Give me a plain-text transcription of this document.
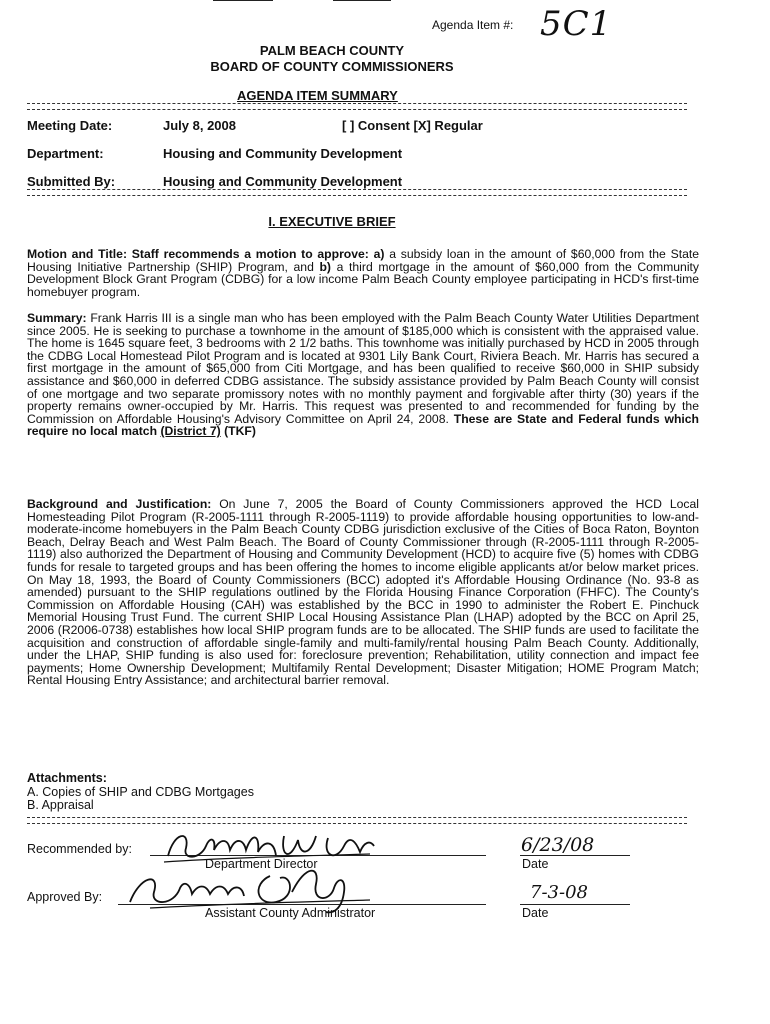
Agenda Item #: 5C1
PALM BEACH COUNTY
BOARD OF COUNTY COMMISSIONERS
AGENDA ITEM SUMMARY
Meeting Date:	July 8, 2008	[ ] Consent [X] Regular
Department:	Housing and Community Development
Submitted By:	Housing and Community Development
I. EXECUTIVE BRIEF
Motion and Title: Staff recommends a motion to approve: a) a subsidy loan in the amount of $60,000 from the State Housing Initiative Partnership (SHIP) Program, and b) a third mortgage in the amount of $60,000 from the Community Development Block Grant Program (CDBG) for a low income Palm Beach County employee participating in HCD's first-time homebuyer program.
Summary: Frank Harris III is a single man who has been employed with the Palm Beach County Water Utilities Department since 2005. He is seeking to purchase a townhome in the amount of $185,000 which is consistent with the appraised value. The home is 1645 square feet, 3 bedrooms with 2 1/2 baths. This townhome was initially purchased by HCD in 2005 through the CDBG Local Homestead Pilot Program and is located at 9301 Lily Bank Court, Riviera Beach. Mr. Harris has secured a first mortgage in the amount of $65,000 from Citi Mortgage, and has been qualified to receive $60,000 in SHIP subsidy assistance and $60,000 in deferred CDBG assistance. The subsidy assistance provided by Palm Beach County will consist of one mortgage and two separate promissory notes with no monthly payment and forgivable after thirty (30) years if the property remains owner-occupied by Mr. Harris. This request was presented to and recommended for funding by the Commission on Affordable Housing's Advisory Committee on April 24, 2008. These are State and Federal funds which require no local match (District 7) (TKF)
Background and Justification: On June 7, 2005 the Board of County Commissioners approved the HCD Local Homesteading Pilot Program (R-2005-1111 through R-2005-1119) to provide affordable housing opportunities to low-and-moderate-income homebuyers in the Palm Beach County CDBG jurisdiction exclusive of the Cities of Boca Raton, Boynton Beach, Delray Beach and West Palm Beach. The Board of County Commissioner through (R-2005-1111 through R-2005-1119) also authorized the Department of Housing and Community Development (HCD) to acquire five (5) homes with CDBG funds for resale to targeted groups and has been offering the homes to income eligible applicants at/or below market prices. On May 18, 1993, the Board of County Commissioners (BCC) adopted it's Affordable Housing Ordinance (No. 93-8 as amended) pursuant to the SHIP regulations outlined by the Florida Housing Finance Corporation (FHFC). The County's Commission on Affordable Housing (CAH) was established by the BCC in 1990 to administer the Robert E. Pinchuck Memorial Housing Trust Fund. The current SHIP Local Housing Assistance Plan (LHAP) adopted by the BCC on April 25, 2006 (R2006-0738) establishes how local SHIP program funds are to be allocated. The SHIP funds are used to facilitate the acquisition and construction of affordable single-family and multi-family/rental housing Palm Beach County. Additionally, under the LHAP, SHIP funding is also used for: foreclosure prevention; Rehabilitation, utility connection and impact fee payments; Home Ownership Development; Multifamily Rental Development; Disaster Mitigation; HOME Program Match; Rental Housing Entry Assistance; and architectural barrier removal.
Attachments:
A. Copies of SHIP and CDBG Mortgages
B. Appraisal
Recommended by:
Department Director
6/23/08
Date
Approved By:
Assistant County Administrator
7-3-08
Date
